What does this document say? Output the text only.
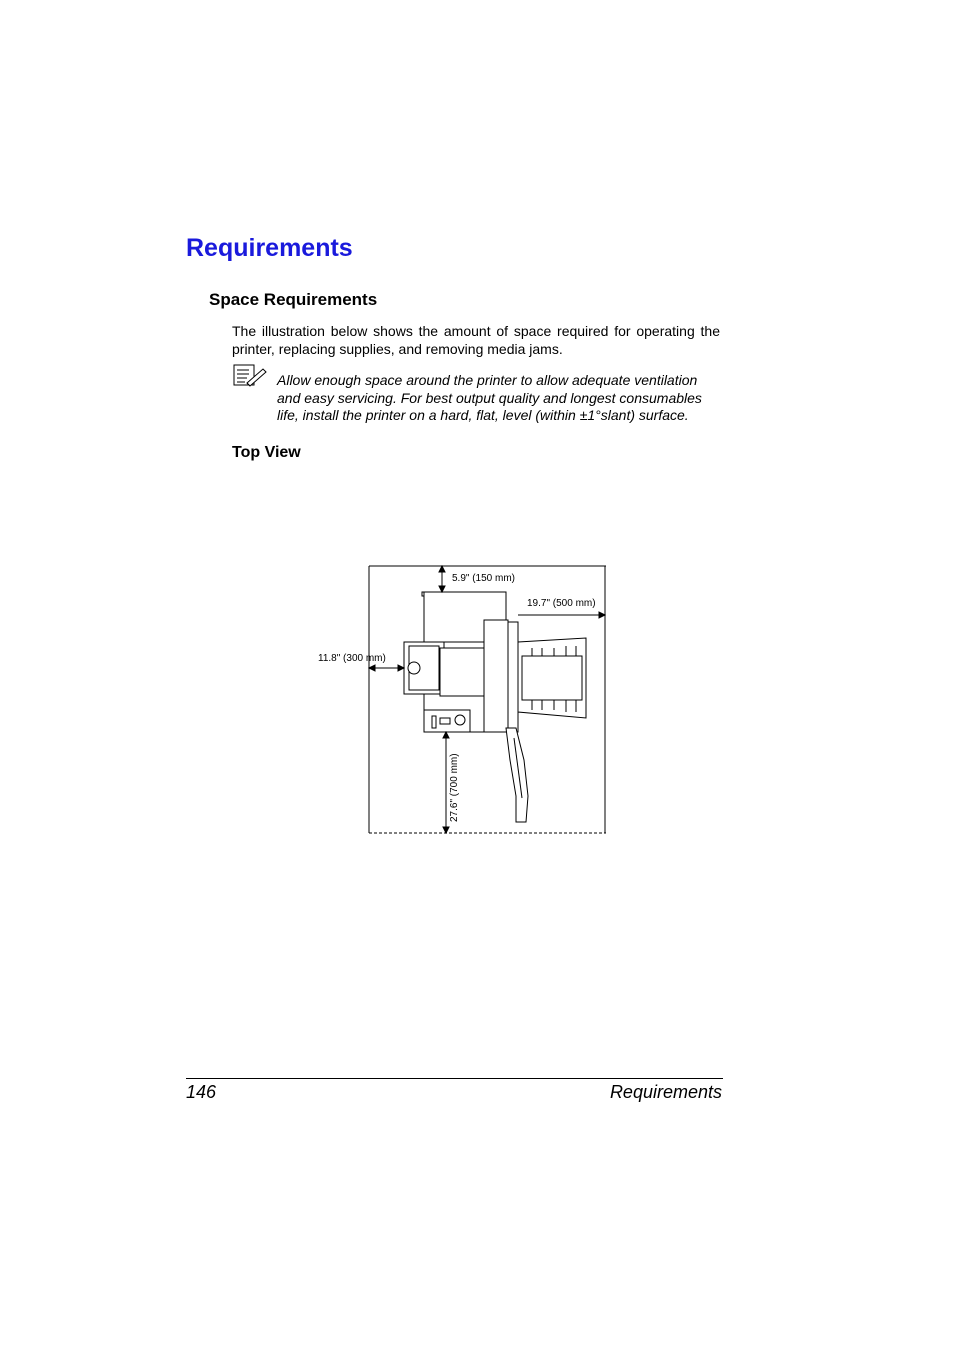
Requirements
Space Requirements
The illustration below shows the amount of space required for operating the printer, replacing supplies, and removing media jams.
Allow enough space around the printer to allow adequate ventilation and easy servicing. For best output quality and longest consumables life, install the printer on a hard, flat, level (within ±1°slant) surface.
Top View
5.9" (150 mm)
19.7" (500 mm)
11.8" (300 mm)
27.6" (700 mm)
146	Requirements
